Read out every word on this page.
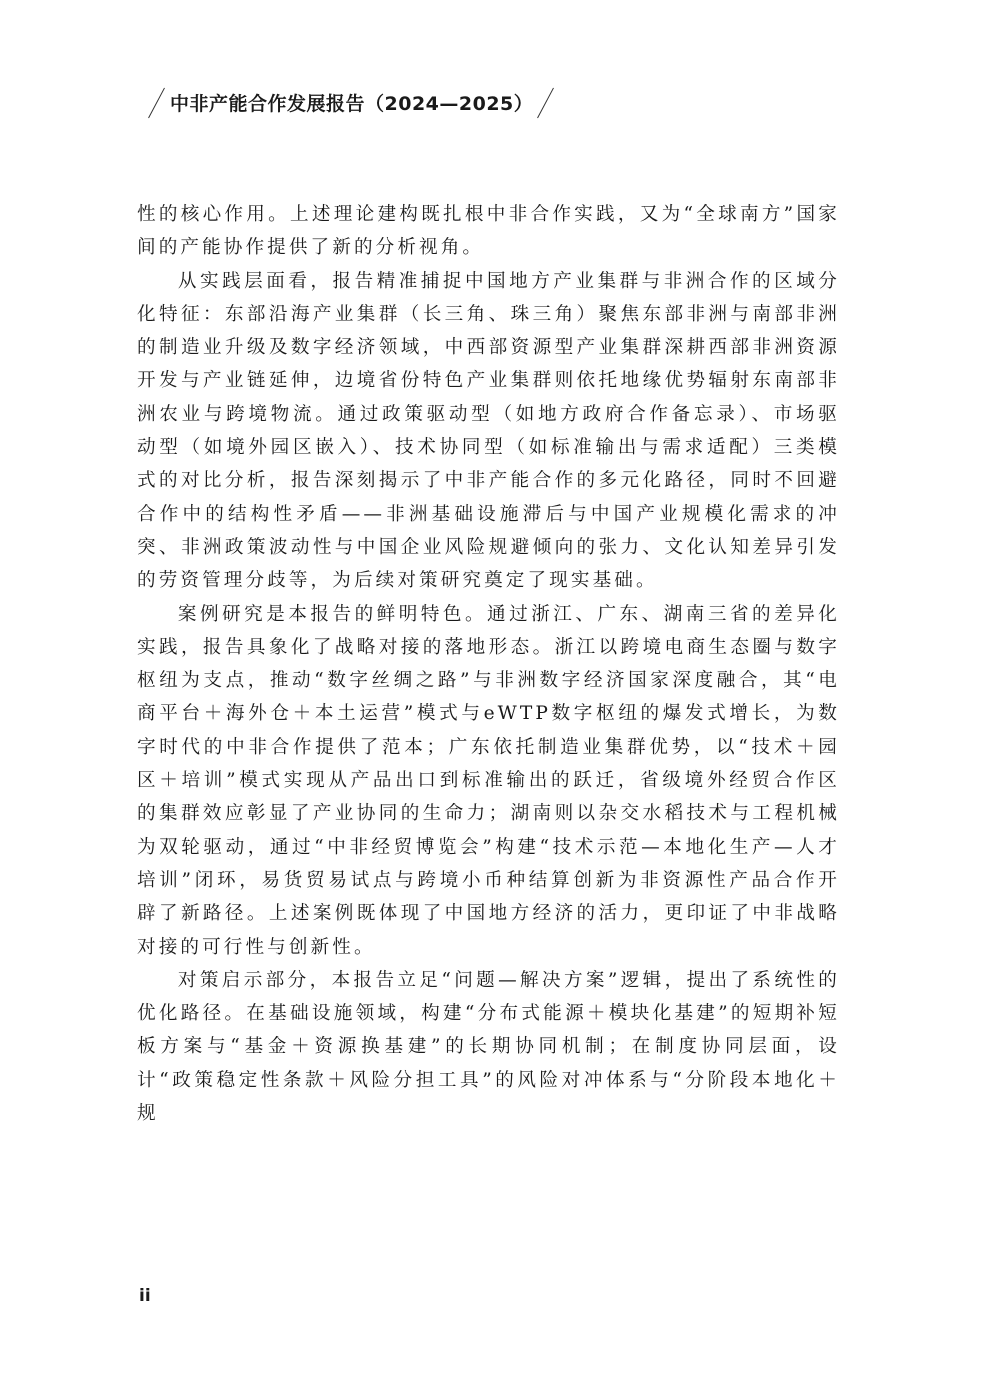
中非产能合作发展报告（2024—2025）

性的核心作用。上述理论建构既扎根中非合作实践，又为“全球南方”国家间的产能协作提供了新的分析视角。

从实践层面看，报告精准捕捉中国地方产业集群与非洲合作的区域分化特征：东部沿海产业集群（长三角、珠三角）聚焦东部非洲与南部非洲的制造业升级及数字经济领域，中西部资源型产业集群深耕西部非洲资源开发与产业链延伸，边境省份特色产业集群则依托地缘优势辐射东南部非洲农业与跨境物流。通过政策驱动型（如地方政府合作备忘录）、市场驱动型（如境外园区嵌入）、技术协同型（如标准输出与需求适配）三类模式的对比分析，报告深刻揭示了中非产能合作的多元化路径，同时不回避合作中的结构性矛盾——非洲基础设施滞后与中国产业规模化需求的冲突、非洲政策波动性与中国企业风险规避倾向的张力、文化认知差异引发的劳资管理分歧等，为后续对策研究奠定了现实基础。

案例研究是本报告的鲜明特色。通过浙江、广东、湖南三省的差异化实践，报告具象化了战略对接的落地形态。浙江以跨境电商生态圈与数字枢纽为支点，推动“数字丝绸之路”与非洲数字经济国家深度融合，其“电商平台＋海外仓＋本土运营”模式与eWTP数字枢纽的爆发式增长，为数字时代的中非合作提供了范本；广东依托制造业集群优势，以“技术＋园区＋培训”模式实现从产品出口到标准输出的跃迁，省级境外经贸合作区的集群效应彰显了产业协同的生命力；湖南则以杂交水稻技术与工程机械为双轮驱动，通过“中非经贸博览会”构建“技术示范—本地化生产—人才培训”闭环，易货贸易试点与跨境小币种结算创新为非资源性产品合作开辟了新路径。上述案例既体现了中国地方经济的活力，更印证了中非战略对接的可行性与创新性。

对策启示部分，本报告立足“问题—解决方案”逻辑，提出了系统性的优化路径。在基础设施领域，构建“分布式能源＋模块化基建”的短期补短板方案与“基金＋资源换基建”的长期协同机制；在制度协同层面，设计“政策稳定性条款＋风险分担工具”的风险对冲体系与“分阶段本地化＋规

ii
